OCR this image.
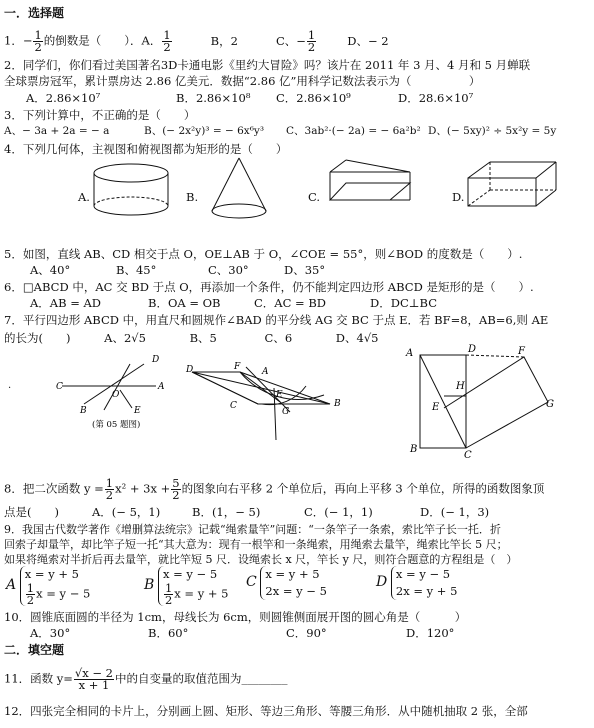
一．选择题
1．− $\frac{1}{2}$ 的倒数是（　　）．A． $\frac{1}{2}$	B，2	C、− $\frac{1}{2}$	D、− 2
2．同学们，你们看过美国著名3D卡通电影《里约大冒险》吗？该片在 2011 年 3 月、4 月和 5 月蝉联
全球票房冠军，累计票房达 2.86 亿美元．数据“2.86 亿”用科学记数法表示为（　　　　　）
A．2.86×10⁷	B．2.86×10⁸ C．2.86×10⁹	D．28.6×10⁷
3．下列计算中，不正确的是（　　）
A、− 3a + 2a = − a	B、(− 2x²y)³ = − 6x⁶y³ C、3ab²·(− 2a) = − 6a²b² D、(− 5xy)² ÷ 5x²y = 5y
4．下列几何体，主视图和俯视图都为矩形的是（　　）
A.	B.	C.	D.
5．如图，直线 AB、CD 相交于点 O，OE⊥AB 于 O，∠COE = 55°，则∠BOD 的度数是（　　）.
A、40°	B、45°	C、30°	D、35°
6．□ABCD 中，AC 交 BD 于点 O，再添加一个条件，仍不能判定四边形 ABCD 是矩形的是（　　）.
A．AB = AD	B．OA = OB	C．AC = BD	D．DC⊥BC
7．平行四边形 ABCD 中，用直尺和圆规作∠BAD 的平分线 AG 交 BC 于点 E．若 BF=8，AB=6,则 AE
的长为(　　)	A、2√5	B、5	C、6	D、4√5
.	C
D
A
B
O
E
(第 05 题图)
D	F A
E
C
G
B
A	D	F
H
E	G
B
C
8．把二次函数 $y = \frac{1}{2} x^2 + 3x + \frac{5}{2}$ 的图象向右平移 2 个单位后，再向上平移 3 个单位，所得的函数图象顶
点是(　　)	A．(− 5，1)	B．(1，− 5)	C．(− 1，1)	D．(− 1，3)
9．我国古代数学著作《增删算法统宗》记载“绳索量竿”问题：“一条竿子一条索，索比竿子长一托．折
回索子却量竿，却比竿子短一托“其大意为：现有一根竿和一条绳索，用绳索去量竿，绳索比竿长 5 尺；
如果将绳索对半折后再去量竿，就比竿短 5 尺．设绳索长 x 尺，竿长 y 尺，则符合题意的方程组是（　）
A
x = y + 5
$\frac{1}{2}$ x = y − 5
B
x = y − 5
$\frac{1}{2}$ x = y + 5
C x = y + 5
2x = y − 5
D x = y − 5
2x = y + 5
10．圆锥底面圆的半径为 1cm，母线长为 6cm，则圆锥侧面展开图的圆心角是（　　　）
A．30°	B．60°	C．90°	D．120°
二．填空题
11．函数 $y= \frac{√x - 2}{x + 1}$ 中的自变量的取值范围为________
12．四张完全相同的卡片上，分别画上圆、矩形、等边三角形、等腰三角形．从中随机抽取 2 张，全部
